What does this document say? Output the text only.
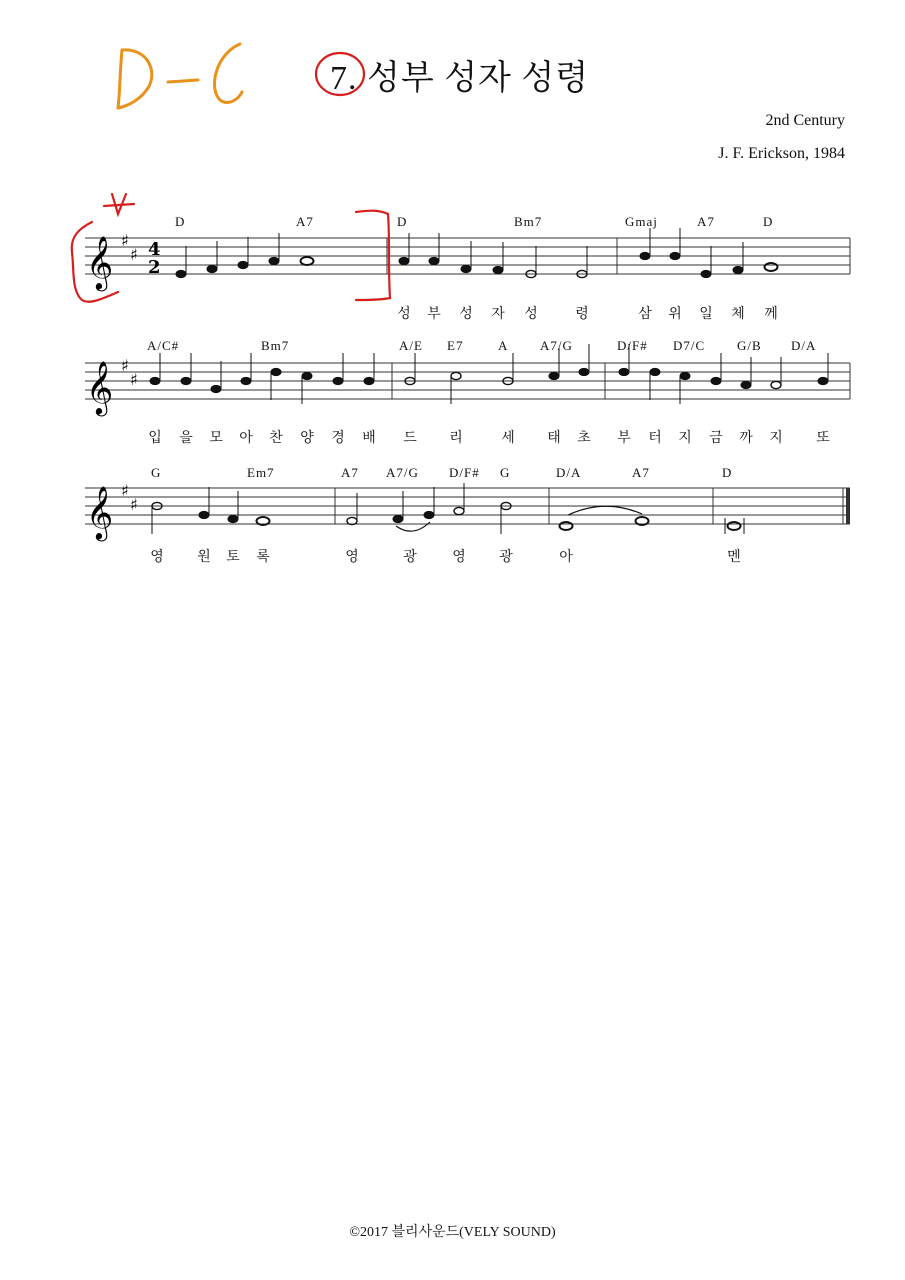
7. 성부 성자 성령
2nd Century
J. F. Erickson, 1984
𝄞 ♯
♯ 4
2
𝄞 ♯
♯
𝄞 ♯
♯
D	A7	D	Bm7	Gmaj	A7	D
성 부 성 자 성	령	삼 위 일 체 께
A/C#	Bm7	A/E E7	A A7/G	D/F# D7/C G/B D/A
입 을 모 아 찬 양 경 배 드 리	세 태 초 부 터 지 금 까 지 또
G	Em7	A7 A7/G D/F# G	D/A	A7	D
영 원 토 록	영	광	영 광	아	멘
©2017 블리사운드(VELY SOUND)
